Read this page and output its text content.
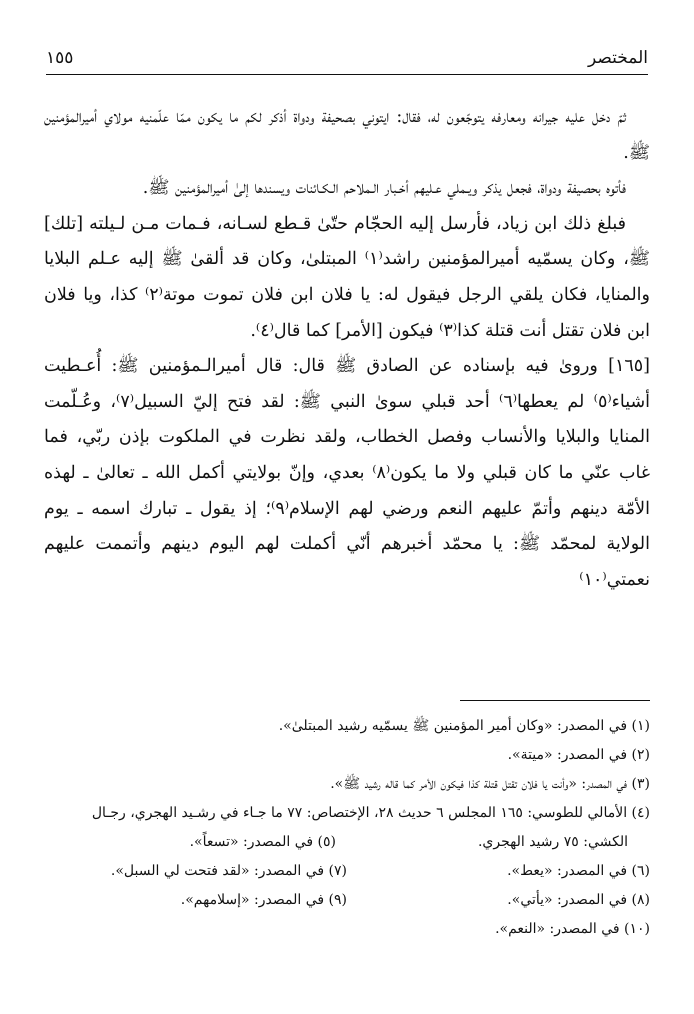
المختصر
١٥٥

ثمّ دخل عليه جيرانه ومعارفه يتوجّعون له، فقال: ايتوني بصحيفة ودواة أذكر لكم ما يكون ممّا علّمنيه مولاي أميرالمؤمنين ﷺ.

فأتوه بحصيفة ودواة، فجعل يذكر ويـملي عـليهم أخـبار الـملاحم الـكـائنات ويسندها إلىٰ أميرالمؤمنين ﷺ.

فبلغ ذلك ابن زياد، فأرسل إليه الحجّام حتّىٰ قـطع لسـانه، فـمات مـن لـيلته [تلك] ﷺ، وكان يسمّيه أميرالمؤمنين راشد⁽١⁾ المبتلىٰ، وكان قد ألقىٰ ﷺ إليه عـلم البلايا والمنايا، فكان يلقي الرجل فيقول له: يا فلان ابن فلان تموت موتة⁽٢⁾ كذا، ويا فلان ابن فلان تقتل أنت قتلة كذا⁽٣⁾ فيكون [الأمر] كما قال⁽٤⁾.

[١٦٥] وروىٰ فيه بإسناده عن الصادق ﷺ قال: قال أميرالـمؤمنين ﷺ: أُعـطيت أشياء⁽٥⁾ لم يعطها⁽٦⁾ أحد قبلي سوىٰ النبي ﷺ: لقد فتح إليّ السبيل⁽٧⁾، وعُـلّمت المنايا والبلايا والأنساب وفصل الخطاب، ولقد نظرت في الملكوت بإذن ربّي، فما غاب عنّي ما كان قبلي ولا ما يكون⁽٨⁾ بعدي، وإنّ بولايتي أكمل الله ـ تعالىٰ ـ لهذه الأمّة دينهم وأتمّ عليهم النعم ورضي لهم الإسلام⁽٩⁾؛ إذ يقول ـ تبارك اسمه ـ يوم الولاية لمحمّد ﷺ: يا محمّد أخبرهم أنّي أكملت لهم اليوم دينهم وأتممت عليهم نعمتي⁽١٠⁾

(١) في المصدر: «وكان أمير المؤمنين ﷺ يسمّيه رشيد المبتلىٰ».
(٢) في المصدر: «ميتة».
(٣) في المصدر: «وأنت يا فلان تقتل قتلة كذا فيكون الأمر كما قاله رشيد ﷺ».
(٤) الأمالي للطوسي: ١٦٥ المجلس ٦ حديث ٢٨، الإختصاص: ٧٧ ما جـاء في رشـيد الهجري، رجـال
الكشي: ٧٥ رشيد الهجري.
(٥) في المصدر: «تسعاً».
(٦) في المصدر: «يعط».
(٧) في المصدر: «لقد فتحت لي السبل».
(٨) في المصدر: «يأتي».
(٩) في المصدر: «إسلامهم».
(١٠) في المصدر: «النعم».
